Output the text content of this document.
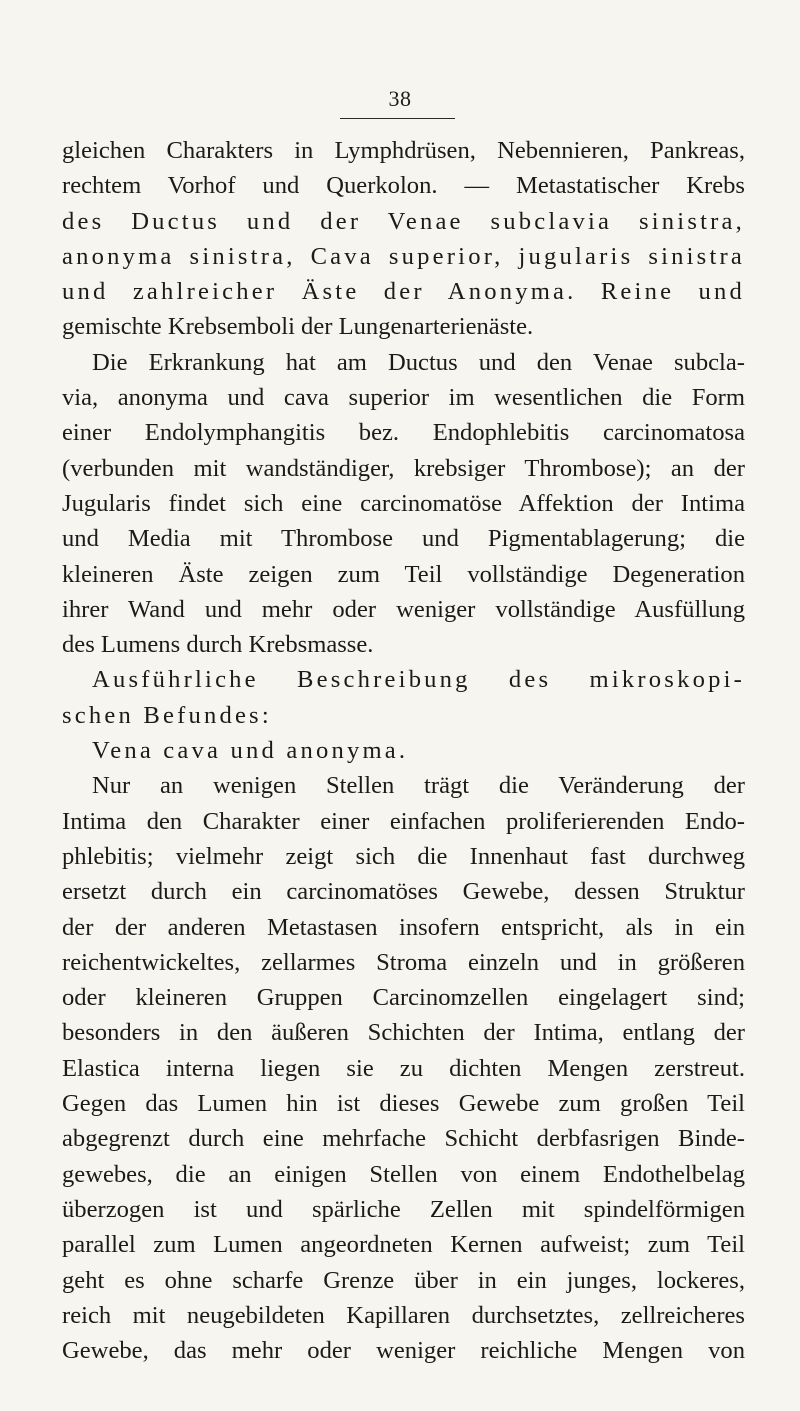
38
gleichen Charakters in Lymphdrüsen, Nebennieren, Pankreas,
rechtem Vorhof und Querkolon. — Metastatischer Krebs
des Ductus und der Venae subclavia sinistra,
anonyma sinistra, Cava superior, jugularis sinistra
und zahlreicher Äste der Anonyma. Reine und
gemischte Krebsemboli der Lungenarterienäste.
Die Erkrankung hat am Ductus und den Venae subcla-
via, anonyma und cava superior im wesentlichen die Form
einer Endolymphangitis bez. Endophlebitis carcinomatosa
(verbunden mit wandständiger, krebsiger Thrombose); an der
Jugularis findet sich eine carcinomatöse Affektion der Intima
und Media mit Thrombose und Pigmentablagerung; die
kleineren Äste zeigen zum Teil vollständige Degeneration
ihrer Wand und mehr oder weniger vollständige Ausfüllung
des Lumens durch Krebsmasse.
Ausführliche Beschreibung des mikroskopi-
schen Befundes:
Vena cava und anonyma.
Nur an wenigen Stellen trägt die Veränderung der
Intima den Charakter einer einfachen proliferierenden Endo-
phlebitis; vielmehr zeigt sich die Innenhaut fast durchweg
ersetzt durch ein carcinomatöses Gewebe, dessen Struktur
der der anderen Metastasen insofern entspricht, als in ein
reichentwickeltes, zellarmes Stroma einzeln und in größeren
oder kleineren Gruppen Carcinomzellen eingelagert sind;
besonders in den äußeren Schichten der Intima, entlang der
Elastica interna liegen sie zu dichten Mengen zerstreut.
Gegen das Lumen hin ist dieses Gewebe zum großen Teil
abgegrenzt durch eine mehrfache Schicht derbfasrigen Binde-
gewebes, die an einigen Stellen von einem Endothelbelag
überzogen ist und spärliche Zellen mit spindelförmigen
parallel zum Lumen angeordneten Kernen aufweist; zum Teil
geht es ohne scharfe Grenze über in ein junges, lockeres,
reich mit neugebildeten Kapillaren durchsetztes, zellreicheres
Gewebe, das mehr oder weniger reichliche Mengen von
